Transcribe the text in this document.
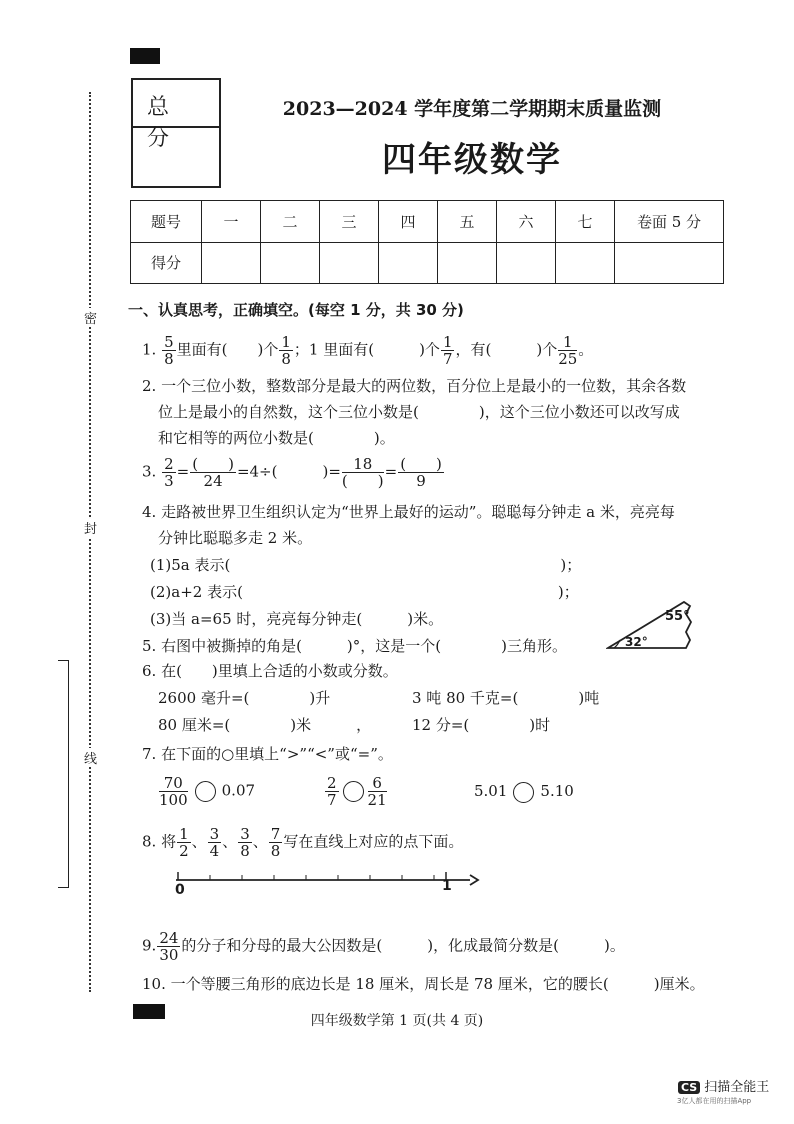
密
封
线
总 分
2023—2024 学年度第二学期期末质量监测
四年级数学
题号	一	二	三	四	五	六	七	卷面 5 分
得分								
一、认真思考，正确填空。(每空 1 分，共 30 分)
1. $\frac{5}{8}$ 里面有(　　)个 $\frac{1}{8}$ ；1 里面有(　　　)个 $\frac{1}{7}$ ，有(　　　)个 $\frac{1}{25}$ 。
2. 一个三位小数，整数部分是最大的两位数，百分位上是最小的一位数，其余各数
位上是最小的自然数，这个三位小数是(　　　　)，这个三位小数还可以改写成
和它相等的两位小数是(　　　　)。
3. $\frac{2}{3} = \frac{( )}{24} =4\div$(　　　)= $\frac{18}{( )} = \frac{( )}{9}$
4. 走路被世界卫生组织认定为“世界上最好的运动”。聪聪每分钟走 a 米，亮亮每
分钟比聪聪多走 2 米。
(1)5a 表示(　　　　　　　　　　　　　　　　　　　　　　)；
(2)a+2 表示(　　　　　　　　　　　　　　　　　　　　　)；
(3)当 a=65 时，亮亮每分钟走(　　　)米。
5. 右图中被撕掉的角是(　　　)°，这是一个(　　　　)三角形。
55°
32°
6. 在(　　)里填上合适的小数或分数。
2600 毫升=(　　　　)升	3 吨 80 千克=(　　　　)吨
80 厘米=(　　　　)米　　　，	12 分=(　　　　)时
7. 在下面的○里填上“>”“<”或“=”。
$\frac{70}{100} 0.07$	$\frac{2}{7} \frac{6}{21}$	5.01 5.10
8. 将 $\frac{1}{2}$ 、 $\frac{3}{4}$ 、 $\frac{3}{8}$ 、 $\frac{7}{8}$ 写在直线上对应的点下面。
0	1
9. $\frac{24}{30}$ 的分子和分母的最大公因数是(　　　)，化成最简分数是(　　　)。
10. 一个等腰三角形的底边长是 18 厘米，周长是 78 厘米，它的腰长(　　　)厘米。
四年级数学第 1 页(共 4 页)
CS 扫描全能王
3亿人都在用的扫描App
